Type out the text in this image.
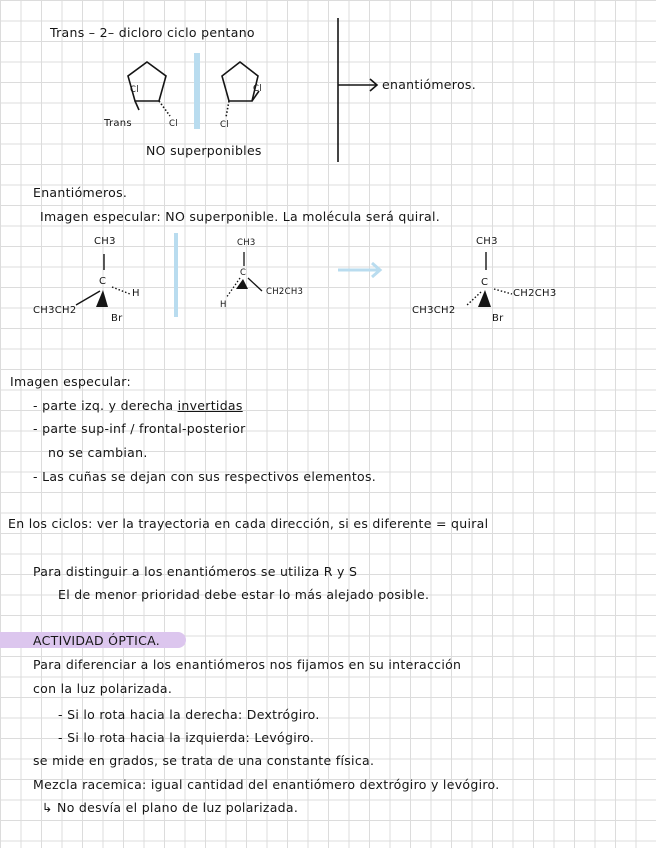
Trans – 2– dicloro ciclo pentano
Trans
Cl
Cl
Cl
Cl
NO superponibles
enantiómeros.
Enantiómeros.
Imagen especular: NO superponible. La molécula será quiral.
CH3
C
H
CH3CH2
Br
CH3
C
CH2CH3
H
CH3
C
CH2CH3
CH3CH2
Br
Imagen especular:
- parte izq. y derecha invertidas
- parte sup-inf / frontal-posterior
no se cambian.
- Las cuñas se dejan con sus respectivos elementos.
En los ciclos: ver la trayectoria en cada dirección, si es diferente = quiral
Para distinguir a los enantiómeros se utiliza R y S
El de menor prioridad debe estar lo más alejado posible.
ACTIVIDAD ÓPTICA.
Para diferenciar a los enantiómeros nos fijamos en su interacción
con la luz polarizada.
- Si lo rota hacia la derecha: Dextrógiro.
- Si lo rota hacia la izquierda: Levógiro.
se mide en grados, se trata de una constante física.
Mezcla racemica: igual cantidad del enantiómero dextrógiro y levógiro.
↳ No desvía el plano de luz polarizada.
